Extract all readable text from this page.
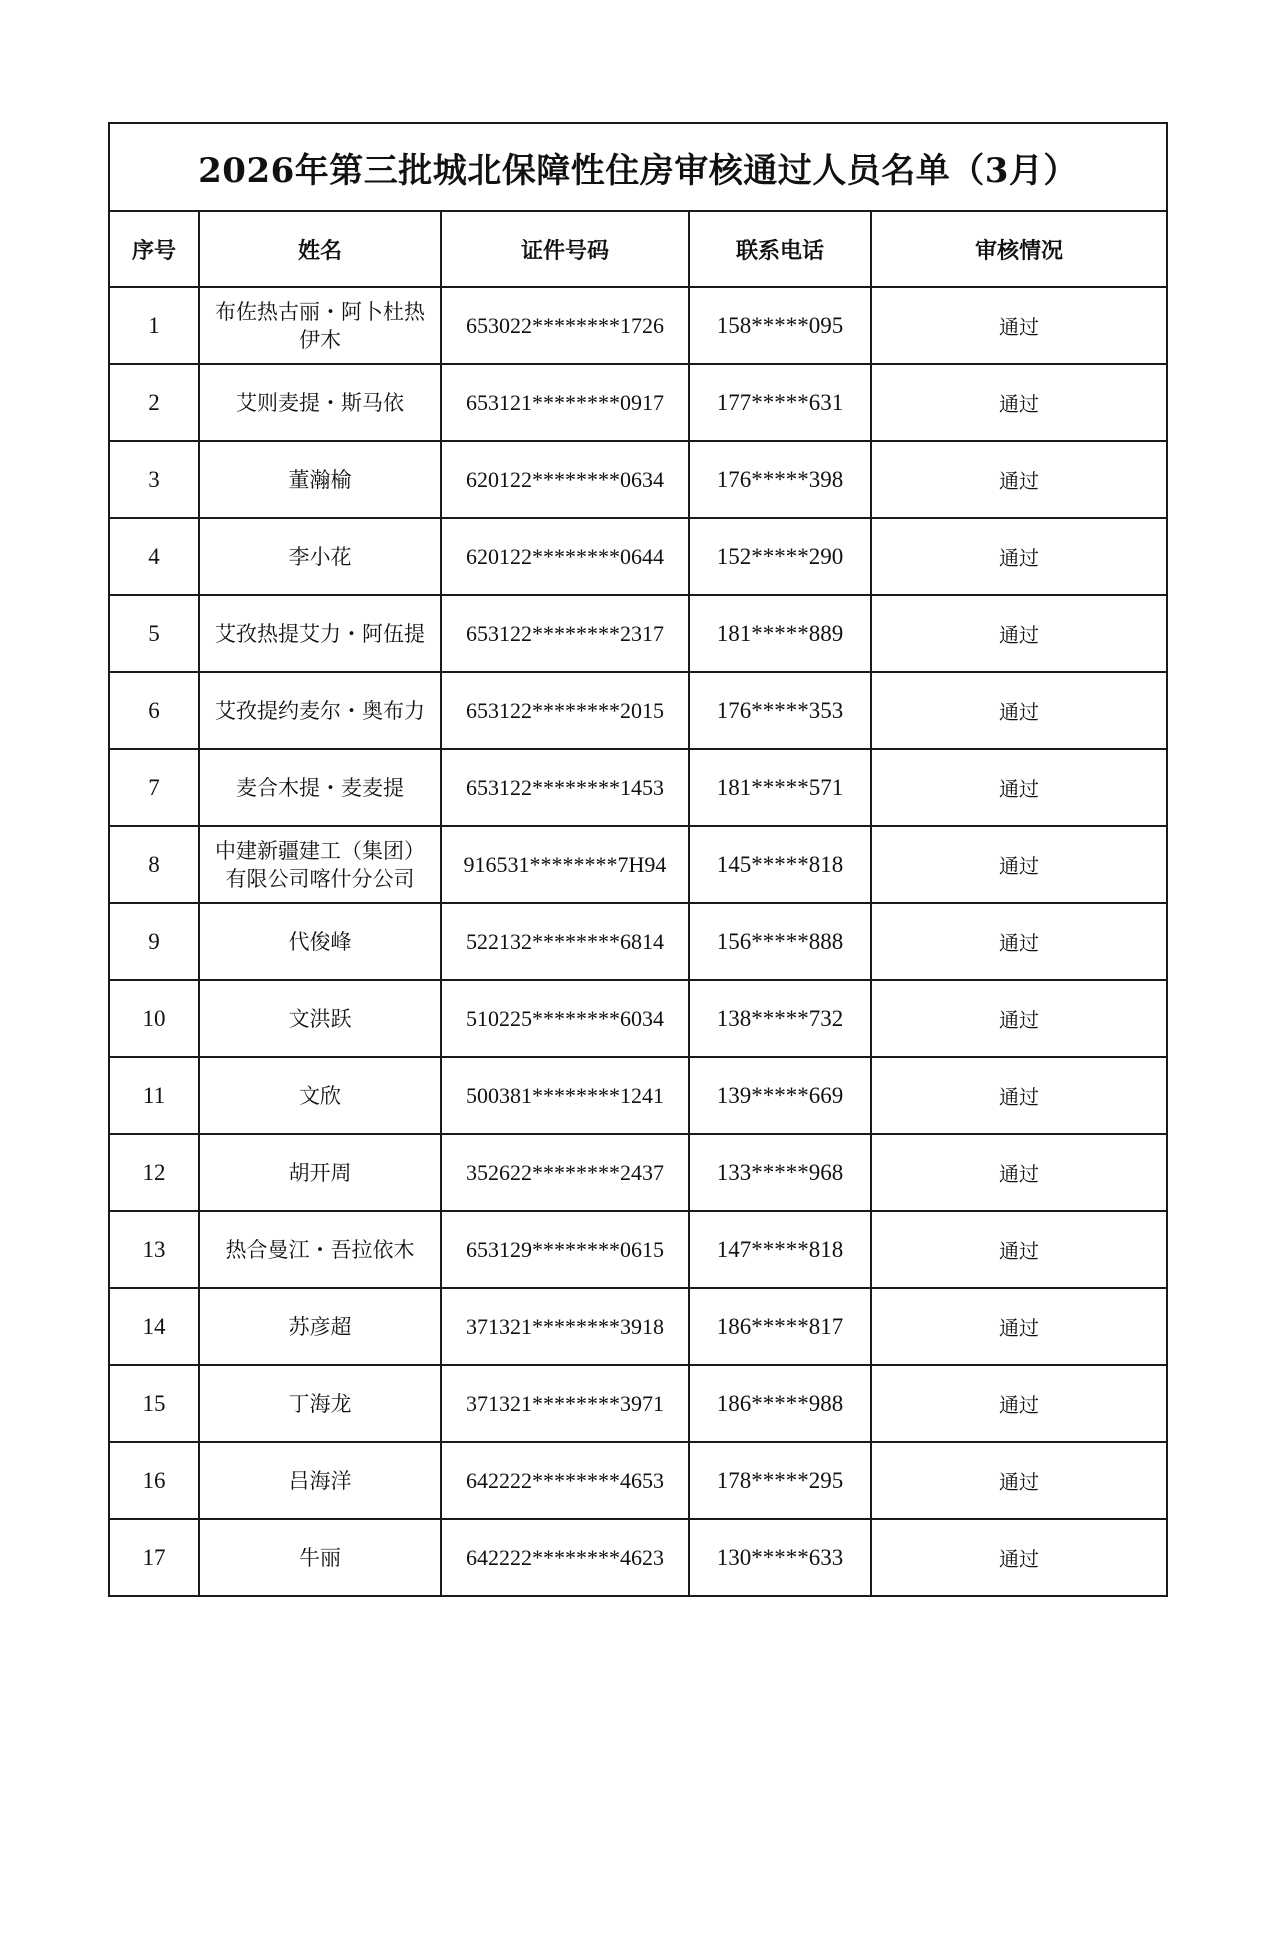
2026年第三批城北保障性住房审核通过人员名单（3月）				
序号	姓名	证件号码	联系电话	审核情况
1	布佐热古丽・阿卜杜热伊木	653022********1726	158*****095	通过
2	艾则麦提・斯马依	653121********0917	177*****631	通过
3	董瀚榆	620122********0634	176*****398	通过
4	李小花	620122********0644	152*****290	通过
5	艾孜热提艾力・阿伍提	653122********2317	181*****889	通过
6	艾孜提约麦尔・奥布力	653122********2015	176*****353	通过
7	麦合木提・麦麦提	653122********1453	181*****571	通过
8	中建新疆建工（集团）有限公司喀什分公司	916531********7H94	145*****818	通过
9	代俊峰	522132********6814	156*****888	通过
10	文洪跃	510225********6034	138*****732	通过
11	文欣	500381********1241	139*****669	通过
12	胡开周	352622********2437	133*****968	通过
13	热合曼江・吾拉依木	653129********0615	147*****818	通过
14	苏彦超	371321********3918	186*****817	通过
15	丁海龙	371321********3971	186*****988	通过
16	吕海洋	642222********4653	178*****295	通过
17	牛丽	642222********4623	130*****633	通过
